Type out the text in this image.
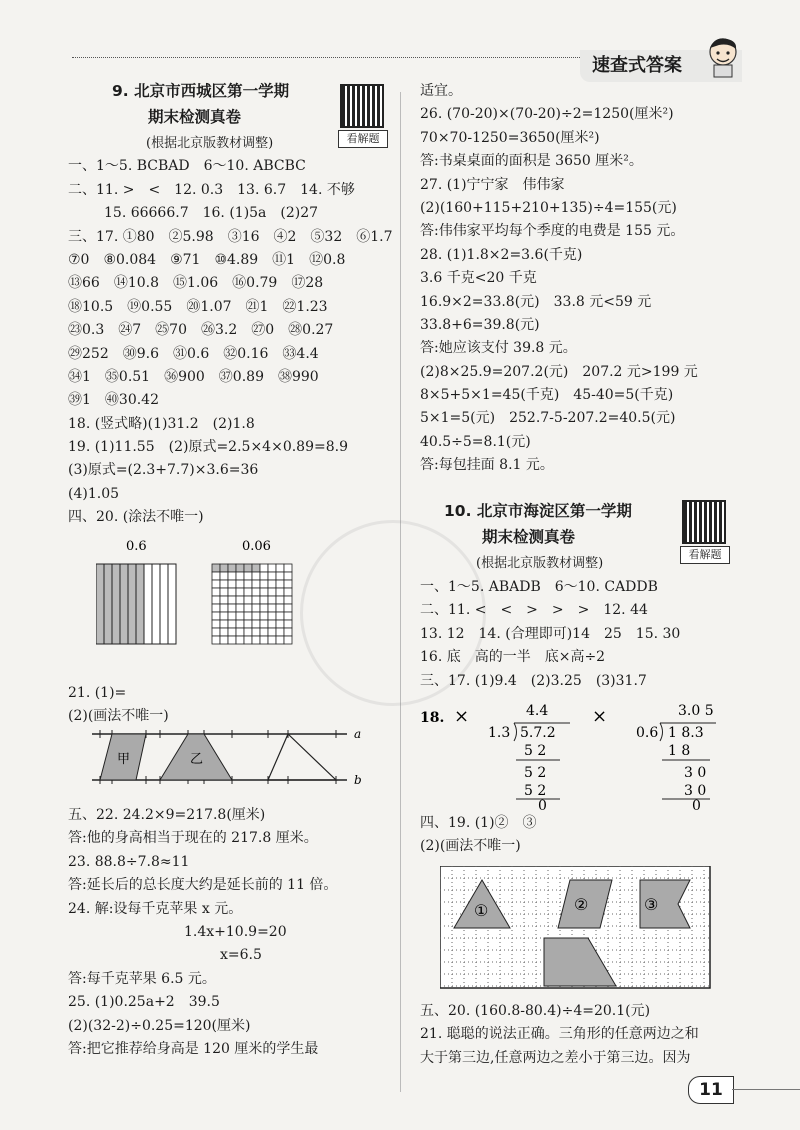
速查式答案
9. 北京市西城区第一学期
期末检测真卷
(根据北京版教材调整)
一、1～5. BCBAD　6～10. ABCBC
二、11. >　<　12. 0.3　13. 6.7　14. 不够
15. 66666.7　16. (1)5a　(2)27
三、17. ①80　②5.98　③16　④2　⑤32　⑥1.7
⑦0　⑧0.084　⑨71　⑩4.89　⑪1　⑫0.8
⑬66　⑭10.8　⑮1.06　⑯0.79　⑰28
⑱10.5　⑲0.55　⑳1.07　㉑1　㉒1.23
㉓0.3　㉔7　㉕70　㉖3.2　㉗0　㉘0.27
㉙252　㉚9.6　㉛0.6　㉜0.16　㉝4.4
㉞1　㉟0.51　㊱900　㊲0.89　㊳990
㊴1　㊵30.42
18. (竖式略)(1)31.2　(2)1.8
19. (1)11.55　(2)原式=2.5×4×0.89=8.9
(3)原式=(2.3+7.7)×3.6=36
(4)1.05
四、20. (涂法不唯一)
0.6	0.06
看解题
21. (1)=
(2)(画法不唯一)
甲	乙
a
b
五、22. 24.2×9=217.8(厘米)
答:他的身高相当于现在的 217.8 厘米。
23. 88.8÷7.8≈11
答:延长后的总长度大约是延长前的 11 倍。
24. 解:设每千克苹果 x 元。
1.4x+10.9=20
x=6.5
答:每千克苹果 6.5 元。
25. (1)0.25a+2　39.5
(2)(32-2)÷0.25=120(厘米)
答:把它推荐给身高是 120 厘米的学生最
适宜。
26. (70-20)×(70-20)÷2=1250(厘米²)
70×70-1250=3650(厘米²)
答:书桌桌面的面积是 3650 厘米²。
27. (1)宁宁家　伟伟家
(2)(160+115+210+135)÷4=155(元)
答:伟伟家平均每个季度的电费是 155 元。
28. (1)1.8×2=3.6(千克)
3.6 千克<20 千克
16.9×2=33.8(元)　33.8 元<59 元
33.8+6=39.8(元)
答:她应该支付 39.8 元。
(2)8×25.9=207.2(元)　207.2 元>199 元
8×5+5×1=45(千克)　45-40=5(千克)
5×1=5(元)　252.7-5-207.2=40.5(元)
40.5÷5=8.1(元)
答:每包挂面 8.1 元。
10. 北京市海淀区第一学期
期末检测真卷
(根据北京版教材调整)
看解题
一、1～5. ABADB　6～10. CADDB
二、11. <　<　>　>　>　12. 44
13. 12　14. (合理即可)14　25　15. 30
16. 底　高的一半　底×高÷2
三、17. (1)9.4　(2)3.25　(3)31.7
18. ×	4.4
1.3 5.7.2
5 2
5 2
5 2
0
×	3.0 5
0.6 1 8.3
1 8
3 0
3 0
0
四、19. (1)②　③
(2)(画法不唯一)
①	②	③
五、20. (160.8-80.4)÷4=20.1(元)
21. 聪聪的说法正确。三角形的任意两边之和
大于第三边,任意两边之差小于第三边。因为
11
